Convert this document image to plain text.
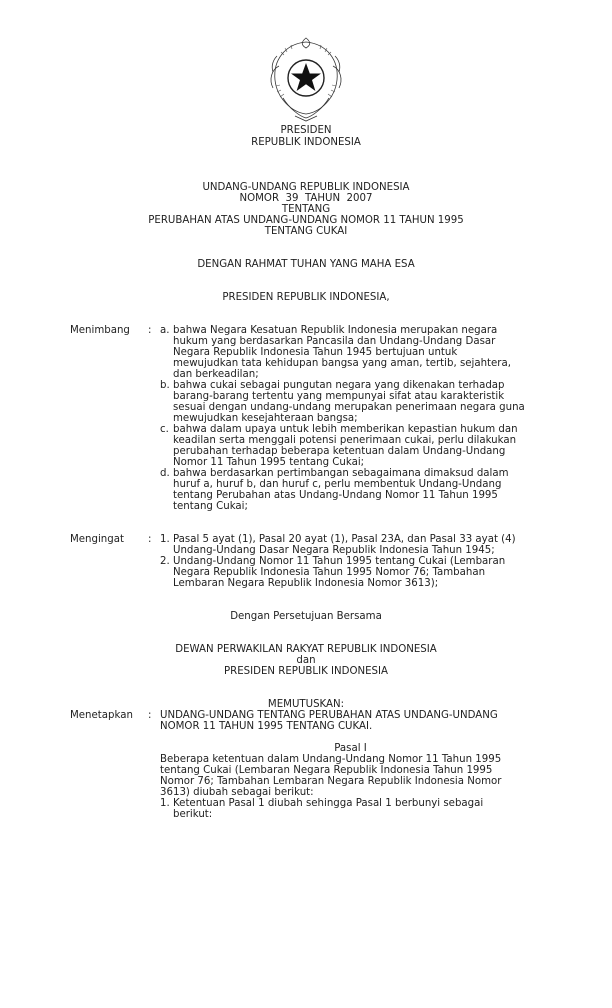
PRESIDEN
REPUBLIK INDONESIA
UNDANG-UNDANG REPUBLIK INDONESIA
NOMOR  39  TAHUN  2007
TENTANG
PERUBAHAN ATAS UNDANG-UNDANG NOMOR 11 TAHUN 1995
TENTANG CUKAI
DENGAN RAHMAT TUHAN YANG MAHA ESA
PRESIDEN REPUBLIK INDONESIA,
Menimbang : a. bahwa Negara Kesatuan Republik Indonesia merupakan negara
hukum yang berdasarkan Pancasila dan Undang-Undang Dasar
Negara Republik Indonesia Tahun 1945 bertujuan untuk
mewujudkan tata kehidupan bangsa yang aman, tertib, sejahtera,
dan berkeadilan;
b. bahwa cukai sebagai pungutan negara yang dikenakan terhadap
barang-barang tertentu yang mempunyai sifat atau karakteristik
sesuai dengan undang-undang merupakan penerimaan negara guna
mewujudkan kesejahteraan bangsa;
c. bahwa dalam upaya untuk lebih memberikan kepastian hukum dan
keadilan serta menggali potensi penerimaan cukai, perlu dilakukan
perubahan terhadap beberapa ketentuan dalam Undang-Undang
Nomor 11 Tahun 1995 tentang Cukai;
d. bahwa berdasarkan pertimbangan sebagaimana dimaksud dalam
huruf a, huruf b, dan huruf c, perlu membentuk Undang-Undang
tentang Perubahan atas Undang-Undang Nomor 11 Tahun 1995
tentang Cukai;
Mengingat : 1. Pasal 5 ayat (1), Pasal 20 ayat (1), Pasal 23A, dan Pasal 33 ayat (4)
Undang-Undang Dasar Negara Republik Indonesia Tahun 1945;
2. Undang-Undang Nomor 11 Tahun 1995 tentang Cukai (Lembaran
Negara Republik Indonesia Tahun 1995 Nomor 76; Tambahan
Lembaran Negara Republik Indonesia Nomor 3613);
Dengan Persetujuan Bersama
DEWAN PERWAKILAN RAKYAT REPUBLIK INDONESIA
dan
PRESIDEN REPUBLIK INDONESIA
MEMUTUSKAN:
Menetapkan : UNDANG-UNDANG TENTANG PERUBAHAN ATAS UNDANG-UNDANG
NOMOR 11 TAHUN 1995 TENTANG CUKAI.
Pasal I
Beberapa ketentuan dalam Undang-Undang Nomor 11 Tahun 1995
tentang Cukai (Lembaran Negara Republik Indonesia Tahun 1995
Nomor 76; Tambahan Lembaran Negara Republik Indonesia Nomor
3613) diubah sebagai berikut:
1. Ketentuan Pasal 1 diubah sehingga Pasal 1 berbunyi sebagai
berikut:
